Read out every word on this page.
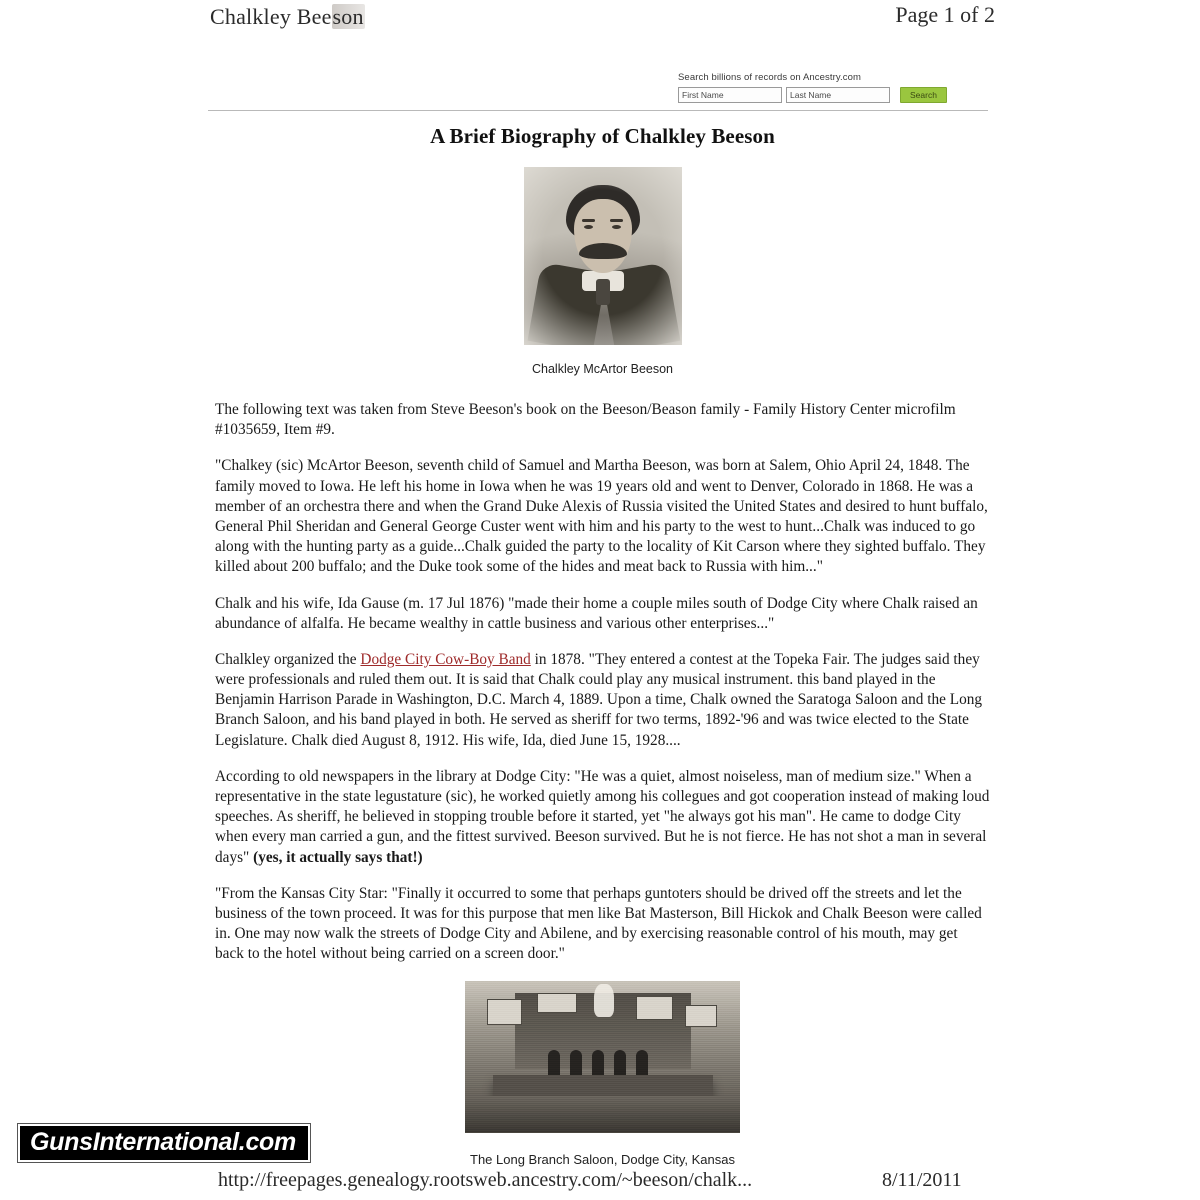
Chalkley Beeson	Page 1 of 2
Search billions of records on Ancestry.com
First Name
Last Name
Search
A Brief Biography of Chalkley Beeson
Chalkley McArtor Beeson

The following text was taken from Steve Beeson's book on the Beeson/Beason family - Family History Center microfilm #1035659, Item #9.

"Chalkey (sic) McArtor Beeson, seventh child of Samuel and Martha Beeson, was born at Salem, Ohio April 24, 1848. The family moved to Iowa. He left his home in Iowa when he was 19 years old and went to Denver, Colorado in 1868. He was a member of an orchestra there and when the Grand Duke Alexis of Russia visited the United States and desired to hunt buffalo, General Phil Sheridan and General George Custer went with him and his party to the west to hunt...Chalk was induced to go along with the hunting party as a guide...Chalk guided the party to the locality of Kit Carson where they sighted buffalo. They killed about 200 buffalo; and the Duke took some of the hides and meat back to Russia with him..."

Chalk and his wife, Ida Gause (m. 17 Jul 1876) "made their home a couple miles south of Dodge City where Chalk raised an abundance of alfalfa. He became wealthy in cattle business and various other enterprises..."

Chalkley organized the Dodge City Cow-Boy Band in 1878. "They entered a contest at the Topeka Fair. The judges said they were professionals and ruled them out. It is said that Chalk could play any musical instrument. this band played in the Benjamin Harrison Parade in Washington, D.C. March 4, 1889. Upon a time, Chalk owned the Saratoga Saloon and the Long Branch Saloon, and his band played in both. He served as sheriff for two terms, 1892-'96 and was twice elected to the State Legislature. Chalk died August 8, 1912. His wife, Ida, died June 15, 1928....

According to old newspapers in the library at Dodge City: "He was a quiet, almost noiseless, man of medium size." When a representative in the state legustature (sic), he worked quietly among his collegues and got cooperation instead of making loud speeches. As sheriff, he believed in stopping trouble before it started, yet "he always got his man". He came to dodge City when every man carried a gun, and the fittest survived. Beeson survived. But he is not fierce. He has not shot a man in several days" (yes, it actually says that!)

"From the Kansas City Star: "Finally it occurred to some that perhaps guntoters should be drived off the streets and let the business of the town proceed. It was for this purpose that men like Bat Masterson, Bill Hickok and Chalk Beeson were called in. One may now walk the streets of Dodge City and Abilene, and by exercising reasonable control of his mouth, may get back to the hotel without being carried on a screen door."

The Long Branch Saloon, Dodge City, Kansas
GunsInternational.com
http://freepages.genealogy.rootsweb.ancestry.com/~beeson/chalk...	8/11/2011
